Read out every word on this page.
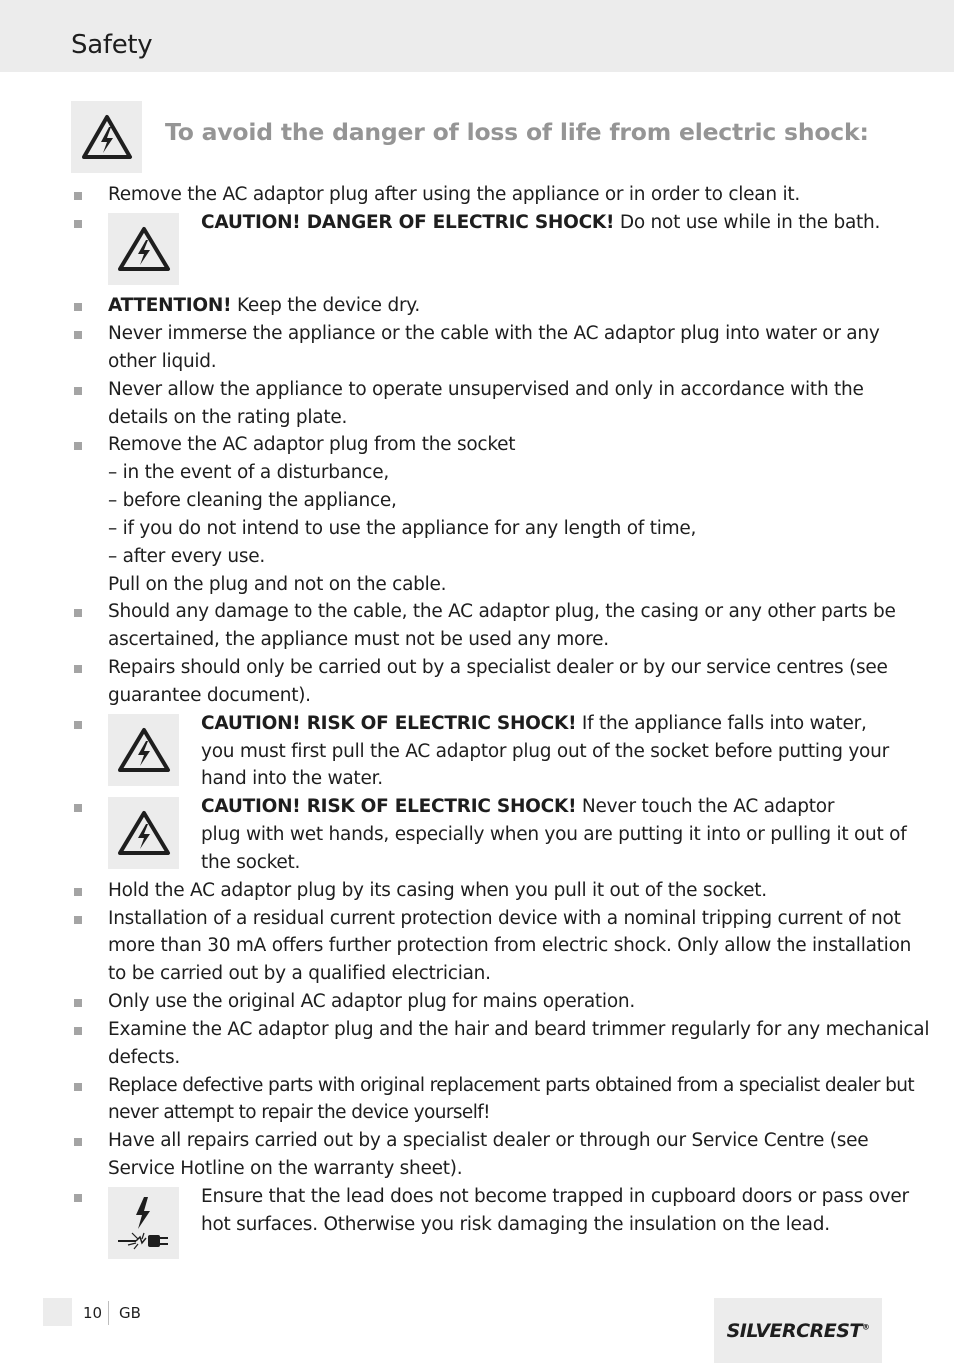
Safety
To avoid the danger of loss of life from electric shock:
Remove the AC adaptor plug after using the appliance or in order to clean it.
CAUTION! DANGER OF ELECTRIC SHOCK! Do not use while in the bath.
ATTENTION! Keep the device dry.
Never immerse the appliance or the cable with the AC adaptor plug into water or any
other liquid.
Never allow the appliance to operate unsupervised and only in accordance with the
details on the rating plate.
Remove the AC adaptor plug from the socket
– in the event of a disturbance,
– before cleaning the appliance,
– if you do not intend to use the appliance for any length of time,
– after every use.
Pull on the plug and not on the cable.
Should any damage to the cable, the AC adaptor plug, the casing or any other parts be
ascertained, the appliance must not be used any more.
Repairs should only be carried out by a specialist dealer or by our service centres (see
guarantee document).
CAUTION! RISK OF ELECTRIC SHOCK! If the appliance falls into water,
you must first pull the AC adaptor plug out of the socket before putting your
hand into the water.
CAUTION! RISK OF ELECTRIC SHOCK! Never touch the AC adaptor
plug with wet hands, especially when you are putting it into or pulling it out of
the socket.
Hold the AC adaptor plug by its casing when you pull it out of the socket.
Installation of a residual current protection device with a nominal tripping current of not
more than 30 mA offers further protection from electric shock. Only allow the installation
to be carried out by a qualified electrician.
Only use the original AC adaptor plug for mains operation.
Examine the AC adaptor plug and the hair and beard trimmer regularly for any mechanical
defects.
Replace defective parts with original replacement parts obtained from a specialist dealer but
never attempt to repair the device yourself!
Have all repairs carried out by a specialist dealer or through our Service Centre (see
Service Hotline on the warranty sheet).
Ensure that the lead does not become trapped in cupboard doors or pass over
hot surfaces. Otherwise you risk damaging the insulation on the lead.
10 GB
SILVERCREST®
